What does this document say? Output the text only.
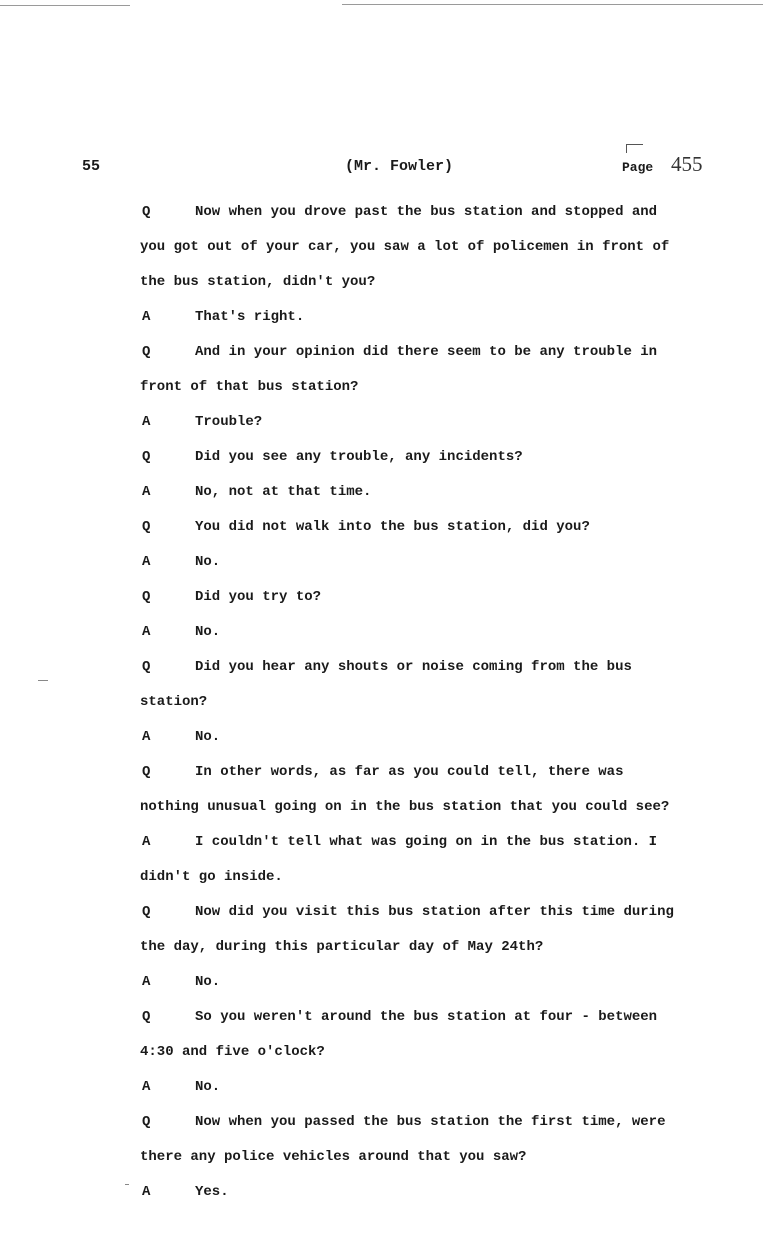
55	(Mr. Fowler)	Page 455
Q	Now when you drove past the bus station and stopped and
you got out of your car, you saw a lot of policemen in front of
the bus station, didn't you?
A	That's right.
Q	And in your opinion did there seem to be any trouble in
front of that bus station?
A	Trouble?
Q	Did you see any trouble, any incidents?
A	No, not at that time.
Q	You did not walk into the bus station, did you?
A	No.
Q	Did you try to?
A	No.
Q	Did you hear any shouts or noise coming from the bus
station?
A	No.
Q	In other words, as far as you could tell, there was
nothing unusual going on in the bus station that you could see?
A	I couldn't tell what was going on in the bus station. I
didn't go inside.
Q	Now did you visit this bus station after this time during
the day, during this particular day of May 24th?
A	No.
Q	So you weren't around the bus station at four - between
4:30 and five o'clock?
A	No.
Q	Now when you passed the bus station the first time, were
there any police vehicles around that you saw?
A	Yes.
